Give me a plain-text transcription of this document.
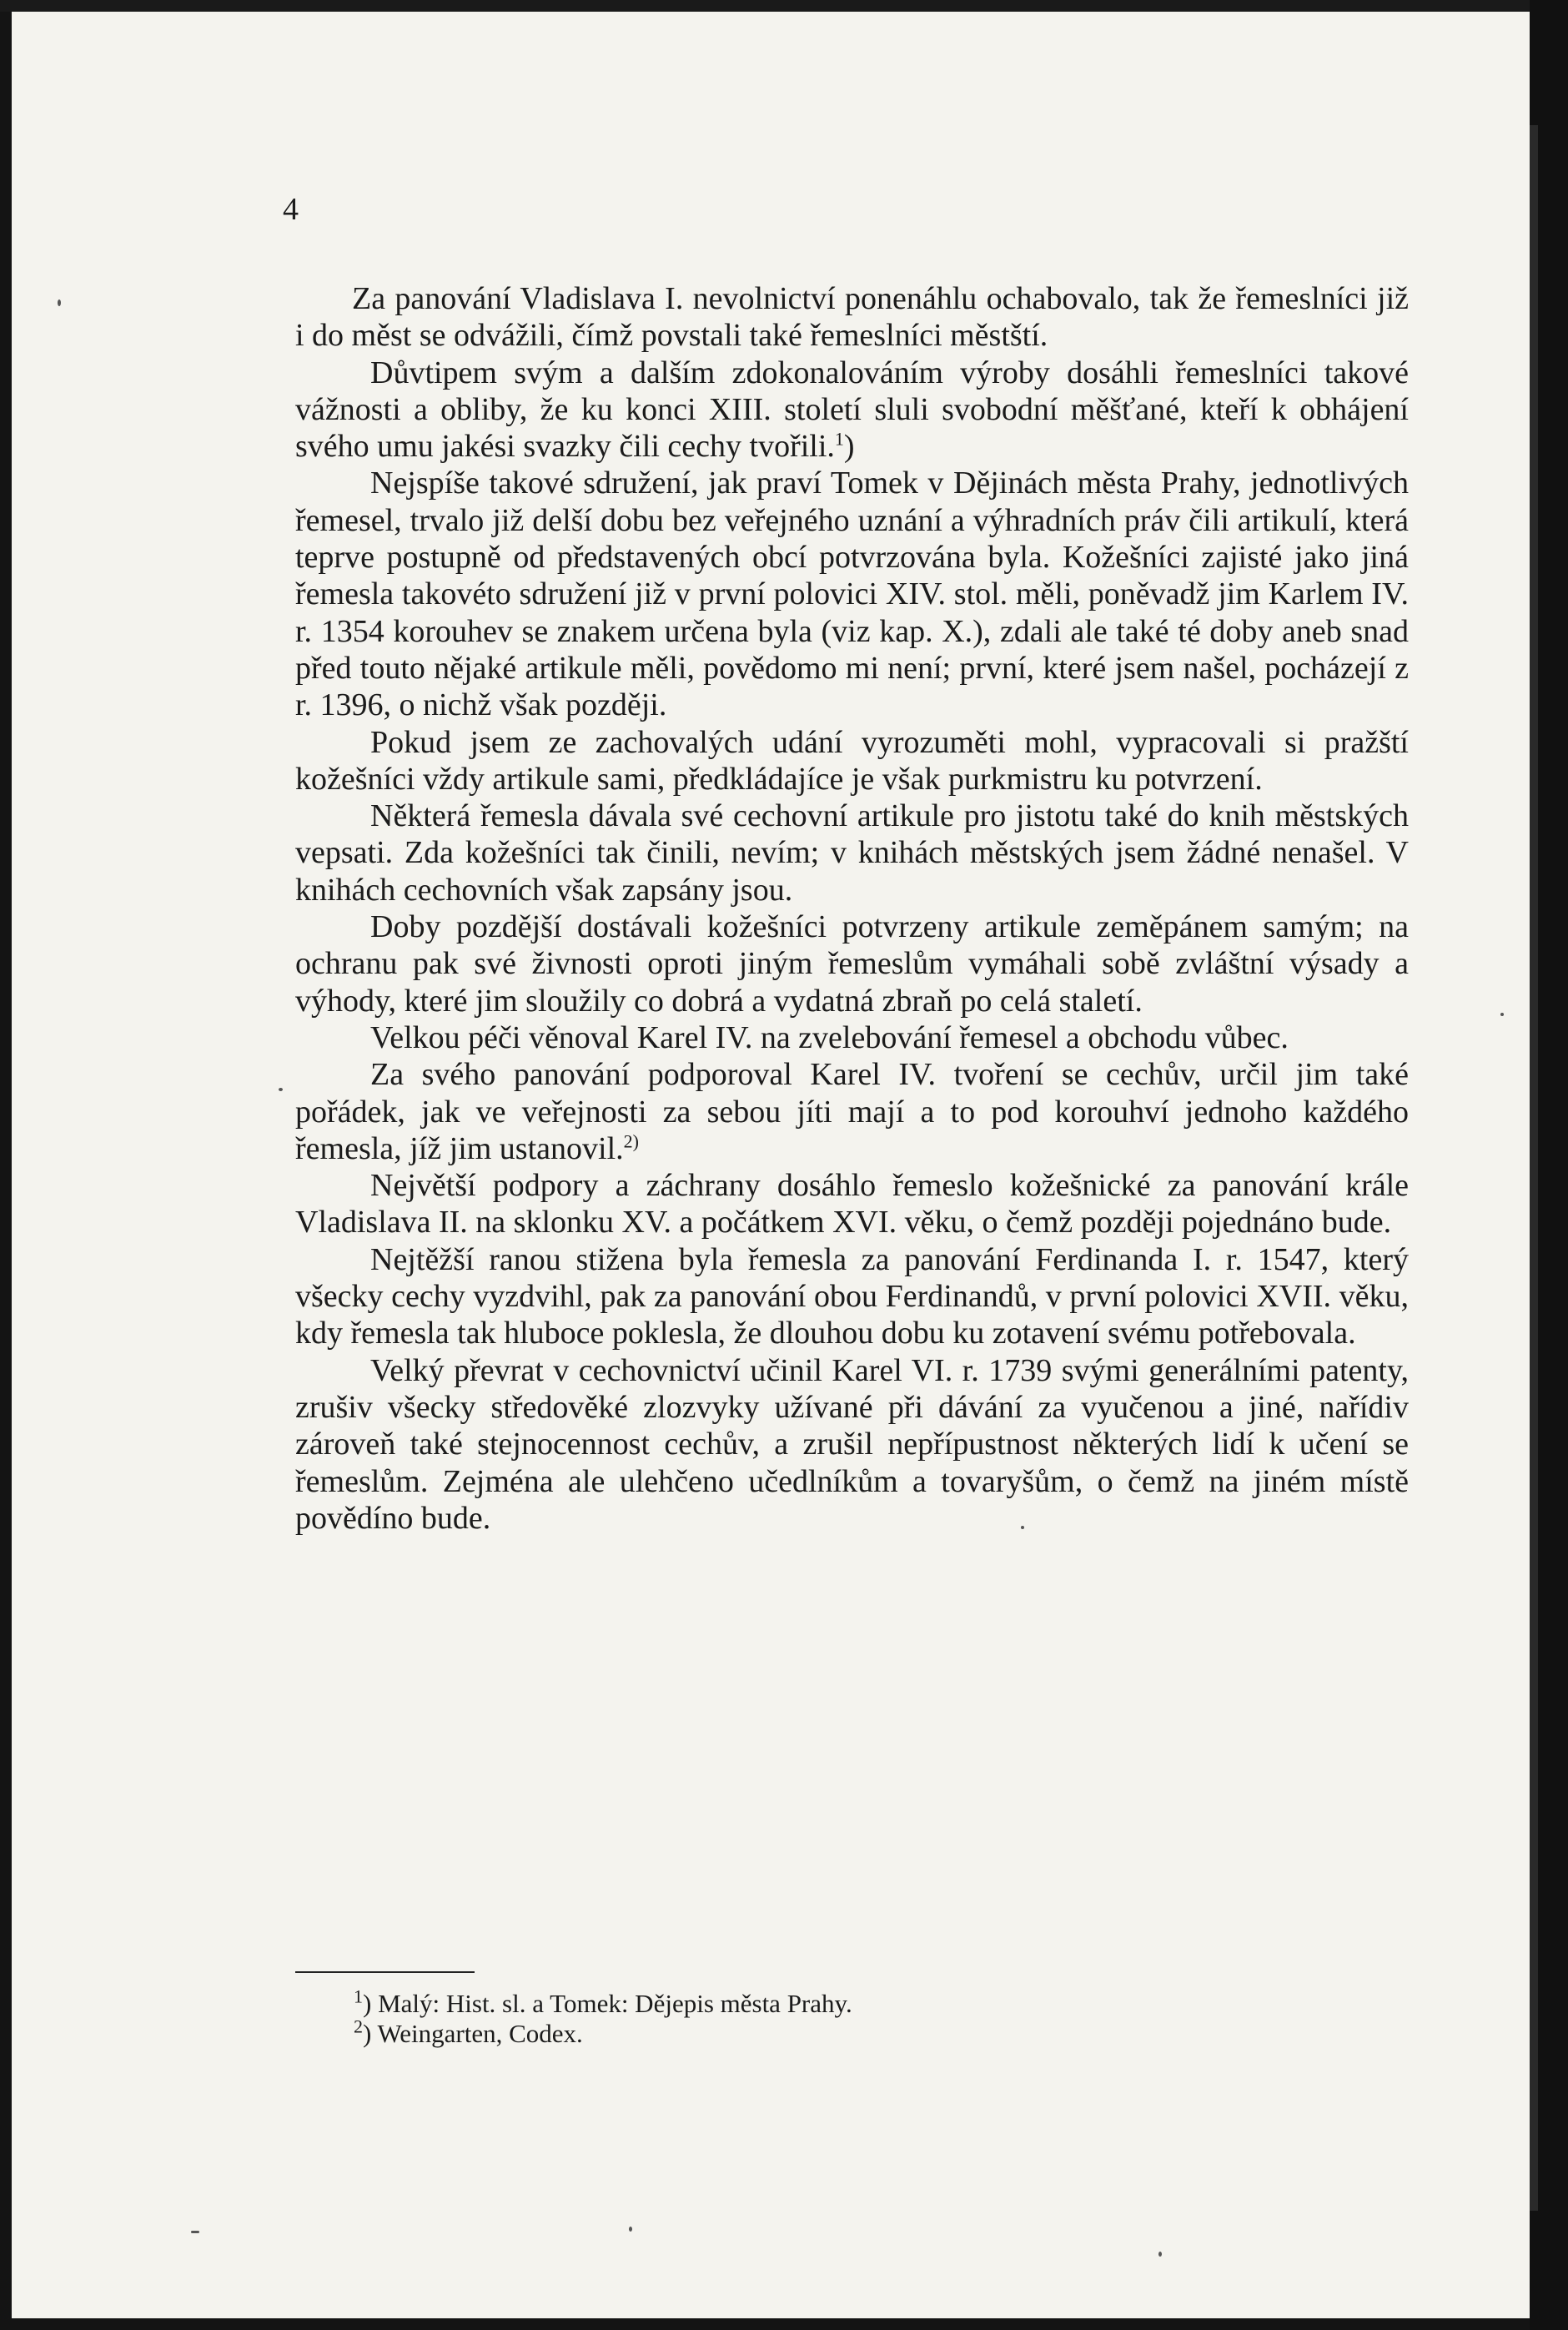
4

Za panování Vladislava I. nevolnictví ponenáhlu ochabovalo, tak že řemeslníci již i do měst se odvážili, čímž povstali také řemeslníci městští.

Důvtipem svým a dalším zdokonalováním výroby dosáhli řemeslníci takové vážnosti a obliby, že ku konci XIII. století sluli svobodní měšťané, kteří k obhájení svého umu jakési svazky čili cechy tvořili.$^1$)

Nejspíše takové sdružení, jak praví Tomek v Dějinách města Prahy, jednotlivých řemesel, trvalo již delší dobu bez veřejného uznání a výhradních práv čili artikulí, která teprve postupně od představených obcí potvrzována byla. Kožešníci zajisté jako jiná řemesla takovéto sdružení již v první polovici XIV. stol. měli, poněvadž jim Karlem IV. r. 1354 korouhev se znakem určena byla (viz kap. X.), zdali ale také té doby aneb snad před touto nějaké artikule měli, povědomo mi není; první, které jsem našel, pocházejí z r. 1396, o nichž však později.

Pokud jsem ze zachovalých udání vyrozuměti mohl, vypracovali si pražští kožešníci vždy artikule sami, předkládajíce je však purkmistru ku potvrzení.

Některá řemesla dávala své cechovní artikule pro jistotu také do knih městských vepsati. Zda kožešníci tak činili, nevím; v knihách městských jsem žádné nenašel. V knihách cechovních však zapsány jsou.

Doby pozdější dostávali kožešníci potvrzeny artikule zeměpánem samým; na ochranu pak své živnosti oproti jiným řemeslům vymáhali sobě zvláštní výsady a výhody, které jim sloužily co dobrá a vydatná zbraň po celá staletí.

Velkou péči věnoval Karel IV. na zvelebování řemesel a obchodu vůbec.

Za svého panování podporoval Karel IV. tvoření se cechův, určil jim také pořádek, jak ve veřejnosti za sebou jíti mají a to pod korouhví jednoho každého řemesla, jíž jim ustanovil.$^{2)}$

Největší podpory a záchrany dosáhlo řemeslo kožešnické za panování krále Vladislava II. na sklonku XV. a počátkem XVI. věku, o čemž později pojednáno bude.

Nejtěžší ranou stižena byla řemesla za panování Ferdinanda I. r. 1547, který všecky cechy vyzdvihl, pak za panování obou Ferdinandů, v první polovici XVII. věku, kdy řemesla tak hluboce poklesla, že dlouhou dobu ku zotavení svému potřebovala.

Velký převrat v cechovnictví učinil Karel VI. r. 1739 svými generálními patenty, zrušiv všecky středověké zlozvyky užívané při dávání za vyučenou a jiné, nařídiv zároveň také stejnocennost cechův, a zrušil nepřípustnost některých lidí k učení se řemeslům. Zejména ale ulehčeno učedlníkům a tovaryšům, o čemž na jiném místě povědíno bude.

$^1$) Malý: Hist. sl. a Tomek: Dějepis města Prahy.
$^2$) Weingarten, Codex.
